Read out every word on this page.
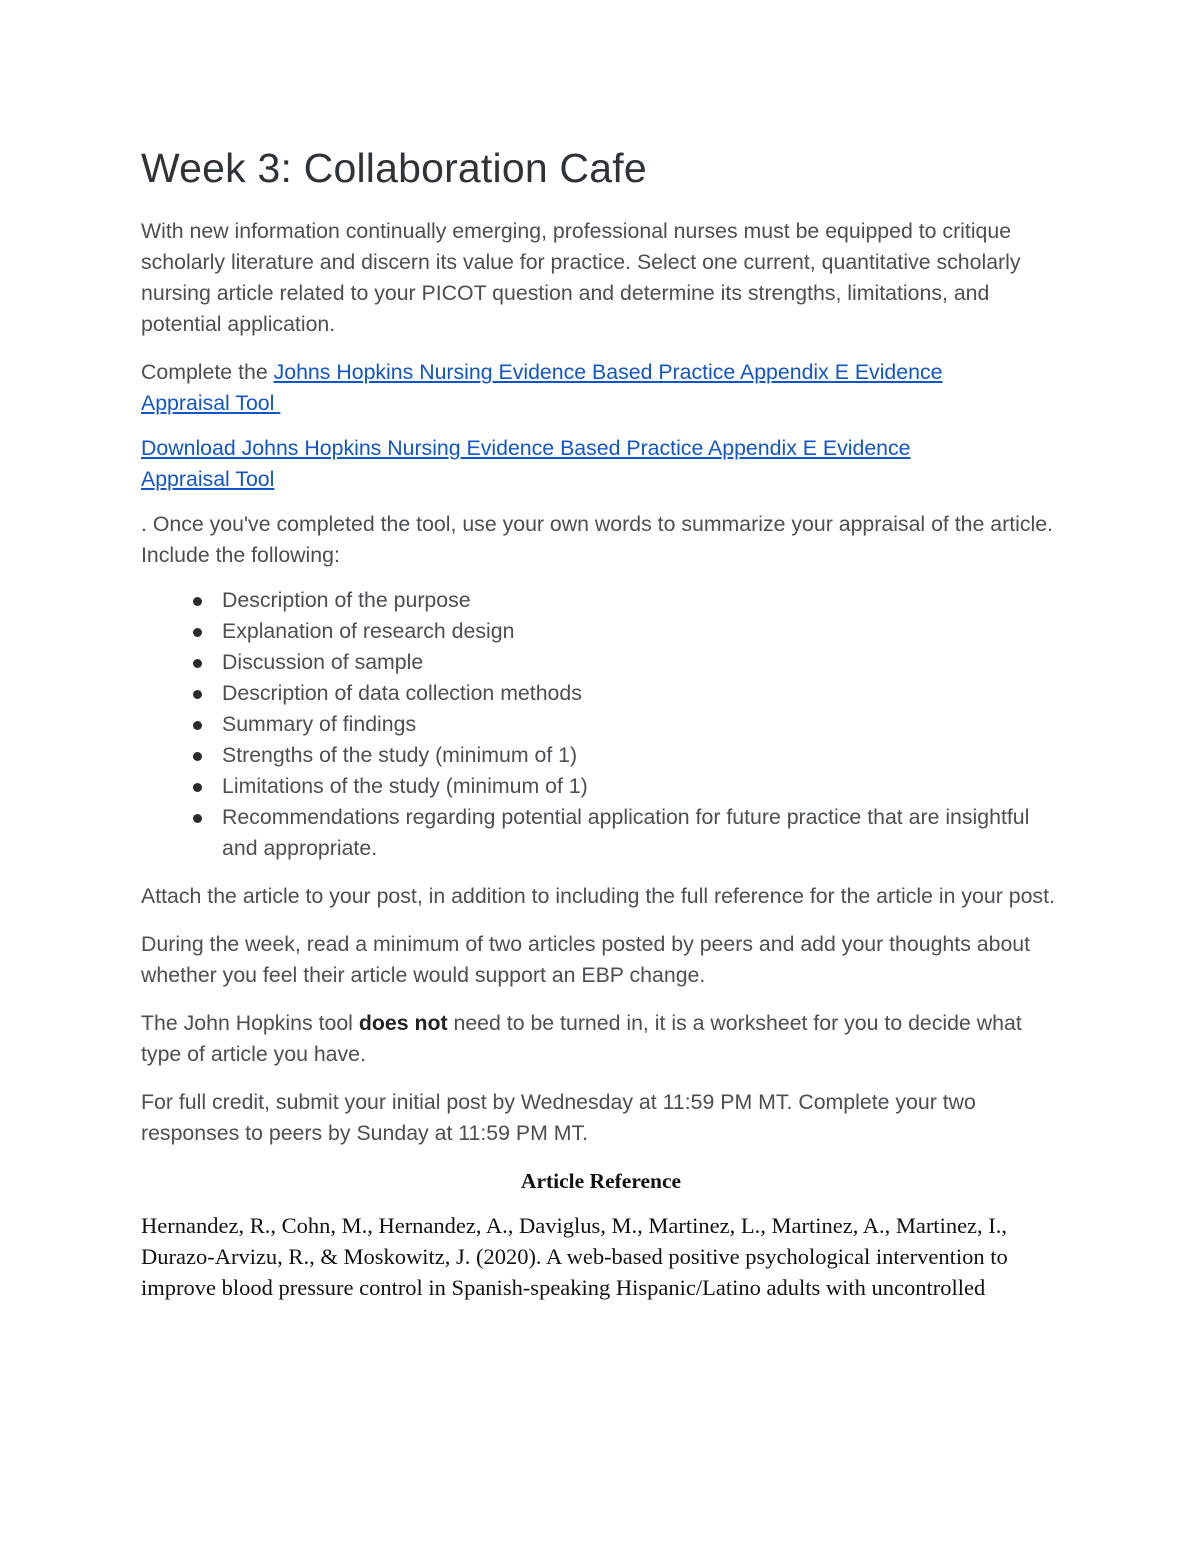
Week 3: Collaboration Cafe

With new information continually emerging, professional nurses must be equipped to critique scholarly literature and discern its value for practice. Select one current, quantitative scholarly nursing article related to your PICOT question and determine its strengths, limitations, and potential application.

Complete the Johns Hopkins Nursing Evidence Based Practice Appendix E Evidence
Appraisal Tool

Download Johns Hopkins Nursing Evidence Based Practice Appendix E Evidence
Appraisal Tool

. Once you've completed the tool, use your own words to summarize your appraisal of the article. Include the following:

Description of the purpose
Explanation of research design
Discussion of sample
Description of data collection methods
Summary of findings
Strengths of the study (minimum of 1)
Limitations of the study (minimum of 1)
Recommendations regarding potential application for future practice that are insightful and appropriate.

Attach the article to your post, in addition to including the full reference for the article in your post.

During the week, read a minimum of two articles posted by peers and add your thoughts about whether you feel their article would support an EBP change.

The John Hopkins tool does not need to be turned in, it is a worksheet for you to decide what type of article you have.

For full credit, submit your initial post by Wednesday at 11:59 PM MT. Complete your two responses to peers by Sunday at 11:59 PM MT.

Article Reference

Hernandez, R., Cohn, M., Hernandez, A., Daviglus, M., Martinez, L., Martinez, A., Martinez, I., Durazo-Arvizu, R., & Moskowitz, J. (2020). A web-based positive psychological intervention to improve blood pressure control in Spanish-speaking Hispanic/Latino adults with uncontrolled
